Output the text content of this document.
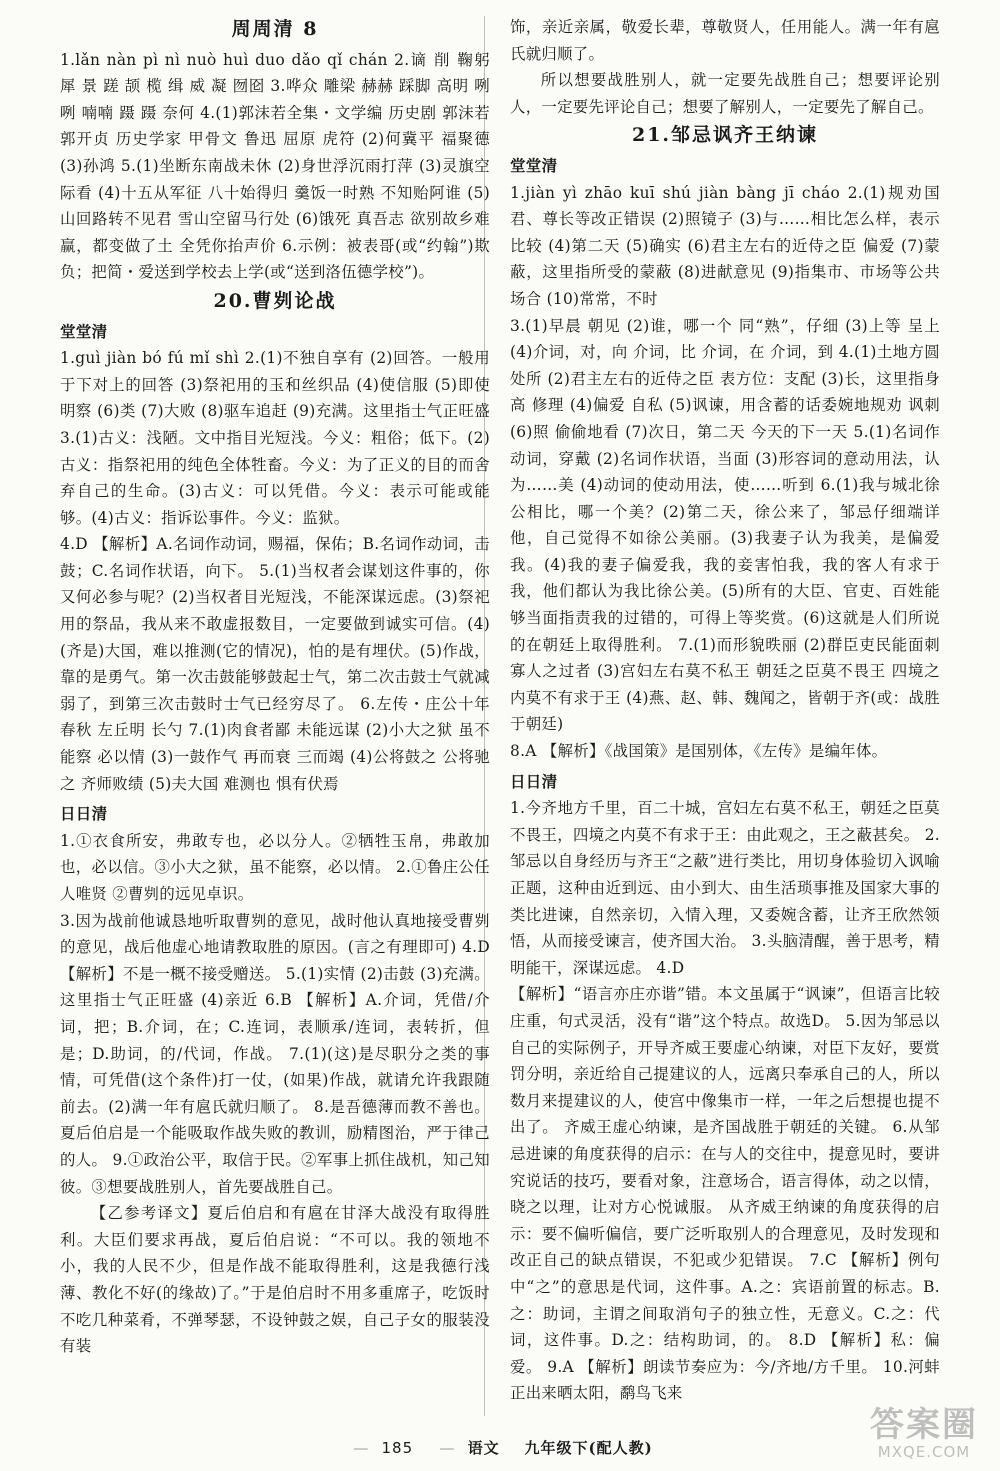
周周清 8

1.lǎn nàn pì nì nuò huì duo dǎo qǐ chán 2.谪 削 鞠躬 犀 景 蹉 颉 榄 缉 威 凝 囫囵 3.哗众 雕梁 赫赫 踩脚 高明 咧咧 喃喃 蹑 蹑 奈何 4.(1)郭沫若全集・文学编 历史剧 郭沫若 郭开贞 历史学家 甲骨文 鲁迅 屈原 虎符 (2)何冀平 福聚德 (3)孙鸿 5.(1)坐断东南战未休 (2)身世浮沉雨打萍 (3)灵旗空际看 (4)十五从军征 八十始得归 羹饭一时熟 不知贻阿谁 (5)山回路转不见君 雪山空留马行处 (6)饿死 真吾志 欲别故乡难 赢，都变做了土 全凭你抬声价 6.示例：被表哥(或“约翰”)欺负；把简・爱送到学校去上学(或“送到洛伍德学校”)。

20.曹刿论战
堂堂清

1.guì jiàn bó fú mǐ shì 2.(1)不独自享有 (2)回答。一般用于下对上的回答 (3)祭祀用的玉和丝织品 (4)使信服 (5)即使 明察 (6)类 (7)大败 (8)驱车追赶 (9)充满。这里指士气正旺盛 3.(1)古义：浅陋。文中指目光短浅。今义：粗俗；低下。(2)古义：指祭祀用的纯色全体牲畜。今义：为了正义的目的而舍弃自己的生命。(3)古义：可以凭借。今义：表示可能或能够。(4)古义：指诉讼事件。今义：监狱。

4.D 【解析】A.名词作动词，赐福，保佑；B.名词作动词，击鼓；C.名词作状语，向下。 5.(1)当权者会谋划这件事的，你又何必参与呢？(2)当权者目光短浅，不能深谋远虑。(3)祭祀用的祭品，我从来不敢虚报数目，一定要做到诚实可信。(4)(齐是)大国，难以推测(它的情况)，怕的是有埋伏。(5)作战，靠的是勇气。第一次击鼓能够鼓起士气，第二次击鼓士气就减弱了，到第三次击鼓时士气已经穷尽了。 6.左传・庄公十年 春秋 左丘明 长勺 7.(1)肉食者鄙 未能远谋 (2)小大之狱 虽不能察 必以情 (3)一鼓作气 再而衰 三而竭 (4)公将鼓之 公将驰之 齐师败绩 (5)夫大国 难测也 惧有伏焉

日日清

1.①衣食所安，弗敢专也，必以分人。②牺牲玉帛，弗敢加也，必以信。③小大之狱，虽不能察，必以情。 2.①鲁庄公任人唯贤 ②曹刿的远见卓识。

3.因为战前他诚恳地听取曹刿的意见，战时他认真地接受曹刿的意见，战后他虚心地请教取胜的原因。(言之有理即可) 4.D 【解析】不是一概不接受赠送。 5.(1)实情 (2)击鼓 (3)充满。这里指士气正旺盛 (4)亲近 6.B 【解析】A.介词，凭借/介词，把；B.介词，在；C.连词，表顺承/连词，表转折，但是；D.助词，的/代词，作战。 7.(1)(这)是尽职分之类的事情，可凭借(这个条件)打一仗，(如果)作战，就请允许我跟随前去。(2)满一年有扈氏就归顺了。 8.是吾德薄而教不善也。夏后伯启是一个能吸取作战失败的教训，励精图治，严于律己的人。 9.①政治公平，取信于民。②军事上抓住战机，知己知彼。③想要战胜别人，首先要战胜自己。

【乙参考译文】夏后伯启和有扈在甘泽大战没有取得胜利。大臣们要求再战，夏后伯启说：“不可以。我的领地不小，我的人民不少，但是作战不能取得胜利，这是我德行浅薄、教化不好(的缘故)了。”于是伯启时不用多重席子，吃饭时不吃几种菜肴，不弹琴瑟，不设钟鼓之娱，自己子女的服装没有装

饰，亲近亲属，敬爱长辈，尊敬贤人，任用能人。满一年有扈氏就归顺了。

所以想要战胜别人，就一定要先战胜自己；想要评论别人，一定要先评论自己；想要了解别人，一定要先了解自己。

21.邹忌讽齐王纳谏
堂堂清

1.jiàn yì zhāo kuī shú jiàn bàng jī cháo 2.(1)规劝国君、尊长等改正错误 (2)照镜子 (3)与……相比怎么样，表示比较 (4)第二天 (5)确实 (6)君主左右的近侍之臣 偏爱 (7)蒙蔽，这里指所受的蒙蔽 (8)进献意见 (9)指集市、市场等公共场合 (10)常常，不时

3.(1)早晨 朝见 (2)谁，哪一个 同“熟”，仔细 (3)上等 呈上 (4)介词，对，向 介词，比 介词，在 介词，到 4.(1)土地方圆 处所 (2)君主左右的近侍之臣 表方位：支配 (3)长，这里指身高 修理 (4)偏爱 自私 (5)讽谏，用含蓄的话委婉地规劝 讽刺 (6)照 偷偷地看 (7)次日，第二天 今天的下一天 5.(1)名词作动词，穿戴 (2)名词作状语，当面 (3)形容词的意动用法，认为……美 (4)动词的使动用法，使……听到 6.(1)我与城北徐公相比，哪一个美？(2)第二天，徐公来了，邹忌仔细端详他，自己觉得不如徐公美丽。(3)我妻子认为我美，是偏爱我。(4)我的妻子偏爱我，我的妾害怕我，我的客人有求于我，他们都认为我比徐公美。(5)所有的大臣、官吏、百姓能够当面指责我的过错的，可得上等奖赏。(6)这就是人们所说的在朝廷上取得胜利。 7.(1)而形貌昳丽 (2)群臣吏民能面刺寡人之过者 (3)宫妇左右莫不私王 朝廷之臣莫不畏王 四境之内莫不有求于王 (4)燕、赵、韩、魏闻之，皆朝于齐(或：战胜于朝廷)

8.A 【解析】《战国策》是国别体，《左传》是编年体。

日日清

1.今齐地方千里，百二十城，宫妇左右莫不私王，朝廷之臣莫不畏王，四境之内莫不有求于王：由此观之，王之蔽甚矣。 2.邹忌以自身经历与齐王“之蔽”进行类比，用切身体验切入讽喻正题，这种由近到远、由小到大、由生活琐事推及国家大事的类比进谏，自然亲切，入情入理，又委婉含蓄，让齐王欣然领悟，从而接受谏言，使齐国大治。 3.头脑清醒，善于思考，精明能干，深谋远虑。 4.D

【解析】“语言亦庄亦谐”错。本文虽属于“讽谏”，但语言比较庄重，句式灵活，没有“谐”这个特点。故选D。 5.因为邹忌以自己的实际例子，开导齐威王要虚心纳谏，对臣下友好，要赏罚分明，亲近给自己提建议的人，远离只奉承自己的人，所以数月来提建议的人，使宫中像集市一样，一年之后想提也提不出了。 齐威王虚心纳谏，是齐国战胜于朝廷的关键。 6.从邹忌进谏的角度获得的启示：在与人的交往中，提意见时，要讲究说话的技巧，要看对象，注意场合，语言得体，动之以情，晓之以理，让对方心悦诚服。 从齐威王纳谏的角度获得的启示：要不偏听偏信，要广泛听取别人的合理意见，及时发现和改正自己的缺点错误，不犯或少犯错误。 7.C 【解析】例句中“之”的意思是代词，这件事。A.之：宾语前置的标志。B.之：助词，主谓之间取消句子的独立性，无意义。C.之：代词，这件事。D.之：结构助词，的。 8.D 【解析】私：偏爱。 9.A 【解析】朗读节奏应为：今/齐地/方千里。 10.河蚌正出来晒太阳，鹬鸟飞来

— 185 — 语文 九年级下(配人教)
答案圈
MXQE.COM
